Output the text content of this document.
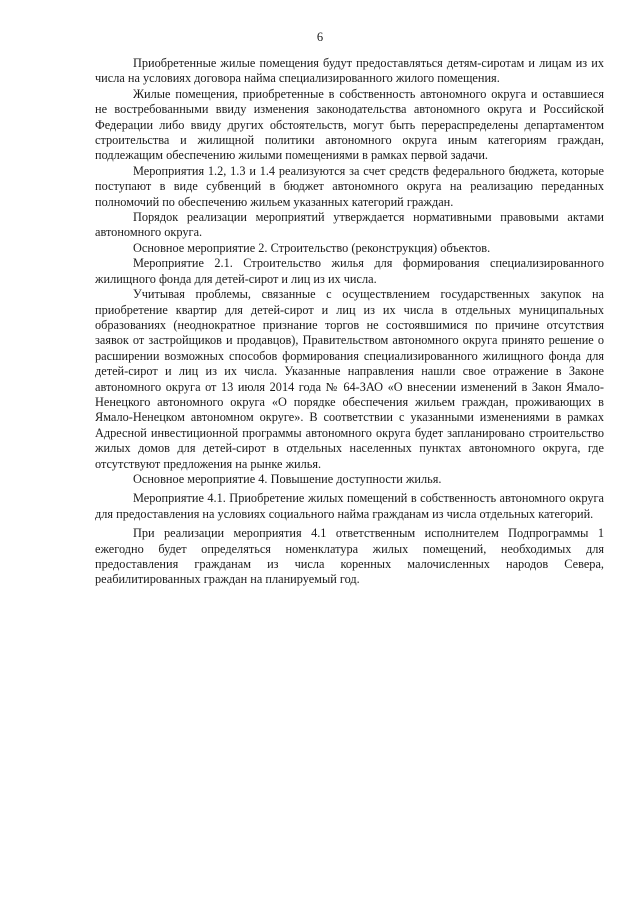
6

Приобретенные жилые помещения будут предоставляться детям-сиротам и лицам из их числа на условиях договора найма специализированного жилого помещения.

Жилые помещения, приобретенные в собственность автономного округа и оставшиеся не востребованными ввиду изменения законодательства автономного округа и Российской Федерации либо ввиду других обстоятельств, могут быть перераспределены департаментом строительства и жилищной политики автономного округа иным категориям граждан, подлежащим обеспечению жилыми помещениями в рамках первой задачи.

Мероприятия 1.2, 1.3 и 1.4 реализуются за счет средств федерального бюджета, которые поступают в виде субвенций в бюджет автономного округа на реализацию переданных полномочий по обеспечению жильем указанных категорий граждан.

Порядок реализации мероприятий утверждается нормативными правовыми актами автономного округа.

Основное мероприятие 2. Строительство (реконструкция) объектов.

Мероприятие 2.1. Строительство жилья для формирования специализированного жилищного фонда для детей-сирот и лиц из их числа.

Учитывая проблемы, связанные с осуществлением государственных закупок на приобретение квартир для детей-сирот и лиц из их числа в отдельных муниципальных образованиях (неоднократное признание торгов не состоявшимися по причине отсутствия заявок от застройщиков и продавцов), Правительством автономного округа принято решение о расширении возможных способов формирования специализированного жилищного фонда для детей-сирот и лиц из их числа. Указанные направления нашли свое отражение в Законе автономного округа от 13 июля 2014 года № 64-ЗАО «О внесении изменений в Закон Ямало-Ненецкого автономного округа «О порядке обеспечения жильем граждан, проживающих в Ямало-Ненецком автономном округе». В соответствии с указанными изменениями в рамках Адресной инвестиционной программы автономного округа будет запланировано строительство жилых домов для детей-сирот в отдельных населенных пунктах автономного округа, где отсутствуют предложения на рынке жилья.

Основное мероприятие 4. Повышение доступности жилья.

Мероприятие 4.1. Приобретение жилых помещений в собственность автономного округа для предоставления на условиях социального найма гражданам из числа отдельных категорий.

При реализации мероприятия 4.1 ответственным исполнителем Подпрограммы 1 ежегодно будет определяться номенклатура жилых помещений, необходимых для предоставления гражданам из числа коренных малочисленных народов Севера, реабилитированных граждан на планируемый год.
